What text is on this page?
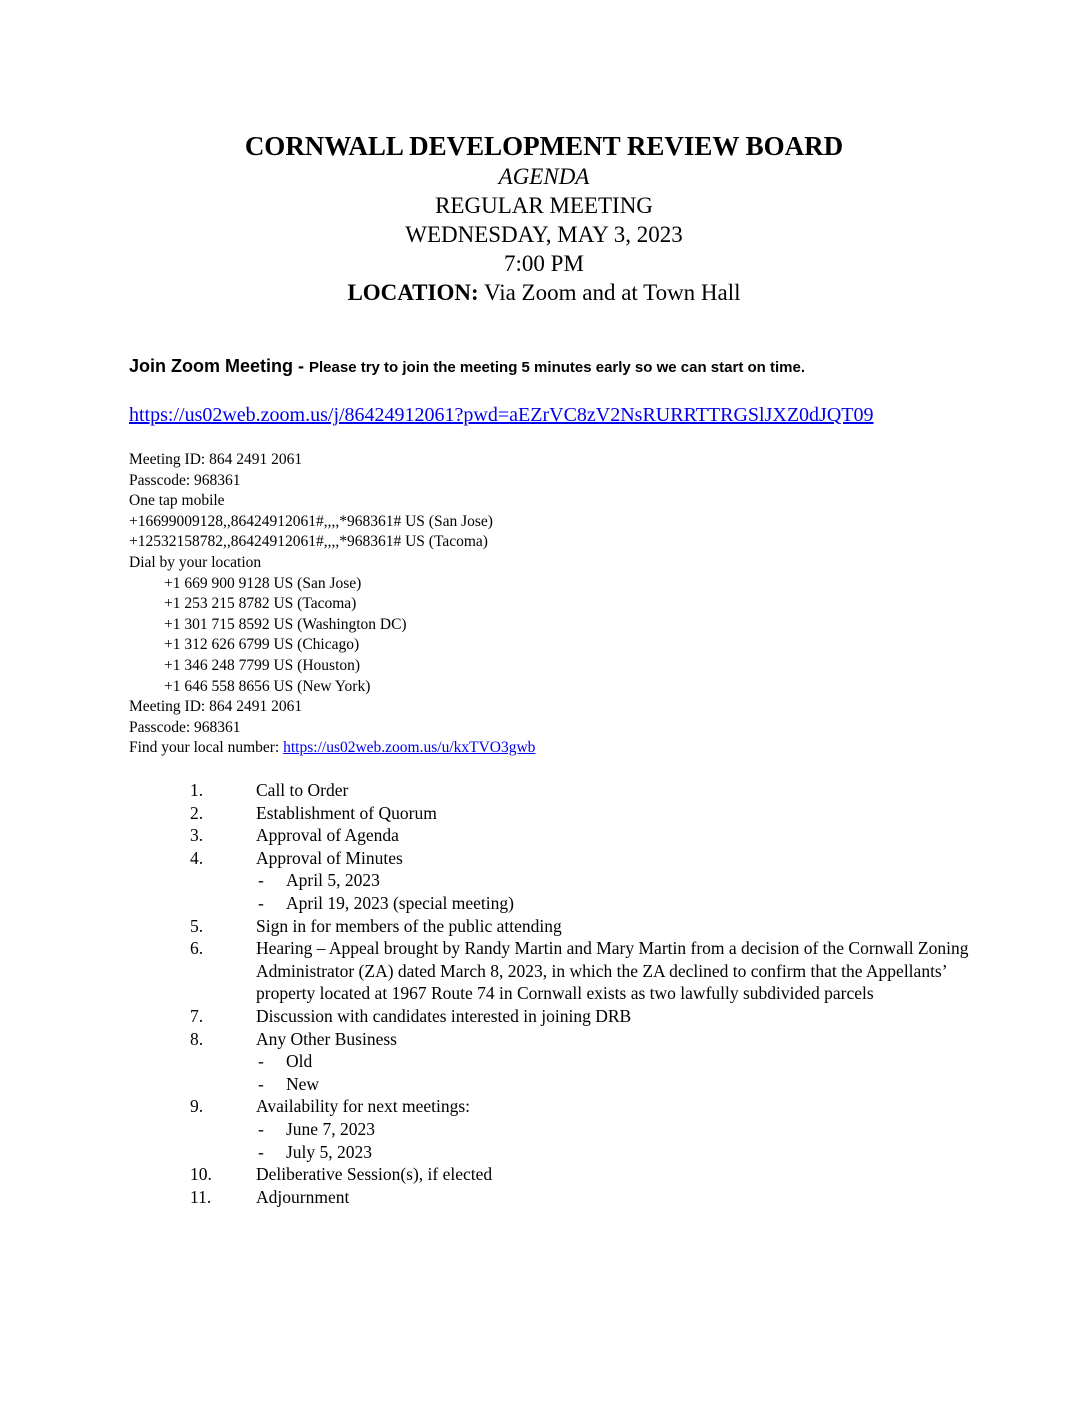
CORNWALL DEVELOPMENT REVIEW BOARD
AGENDA
REGULAR MEETING
WEDNESDAY, MAY 3, 2023
7:00 PM
LOCATION: Via Zoom and at Town Hall
Join Zoom Meeting - Please try to join the meeting 5 minutes early so we can start on time.
https://us02web.zoom.us/j/86424912061?pwd=aEZrVC8zV2NsRURRTTRGSlJXZ0dJQT09
Meeting ID: 864 2491 2061
Passcode: 968361
One tap mobile
+16699009128,,86424912061#,,,,*968361# US (San Jose)
+12532158782,,86424912061#,,,,*968361# US (Tacoma)
Dial by your location
+1 669 900 9128 US (San Jose)
+1 253 215 8782 US (Tacoma)
+1 301 715 8592 US (Washington DC)
+1 312 626 6799 US (Chicago)
+1 346 248 7799 US (Houston)
+1 646 558 8656 US (New York)
Meeting ID: 864 2491 2061
Passcode: 968361
Find your local number: https://us02web.zoom.us/u/kxTVO3gwb
1.	Call to Order
2.	Establishment of Quorum
3.	Approval of Agenda
4.	Approval of Minutes
- April 5, 2023
- April 19, 2023 (special meeting)
5.	Sign in for members of the public attending
6.	Hearing – Appeal brought by Randy Martin and Mary Martin from a decision of the Cornwall Zoning Administrator (ZA) dated March 8, 2023, in which the ZA declined to confirm that the Appellants’ property located at 1967 Route 74 in Cornwall exists as two lawfully subdivided parcels
7.	Discussion with candidates interested in joining DRB
8.	Any Other Business
- Old
- New
9.	Availability for next meetings:
- June 7, 2023
- July 5, 2023
10.	Deliberative Session(s), if elected
11.	Adjournment
